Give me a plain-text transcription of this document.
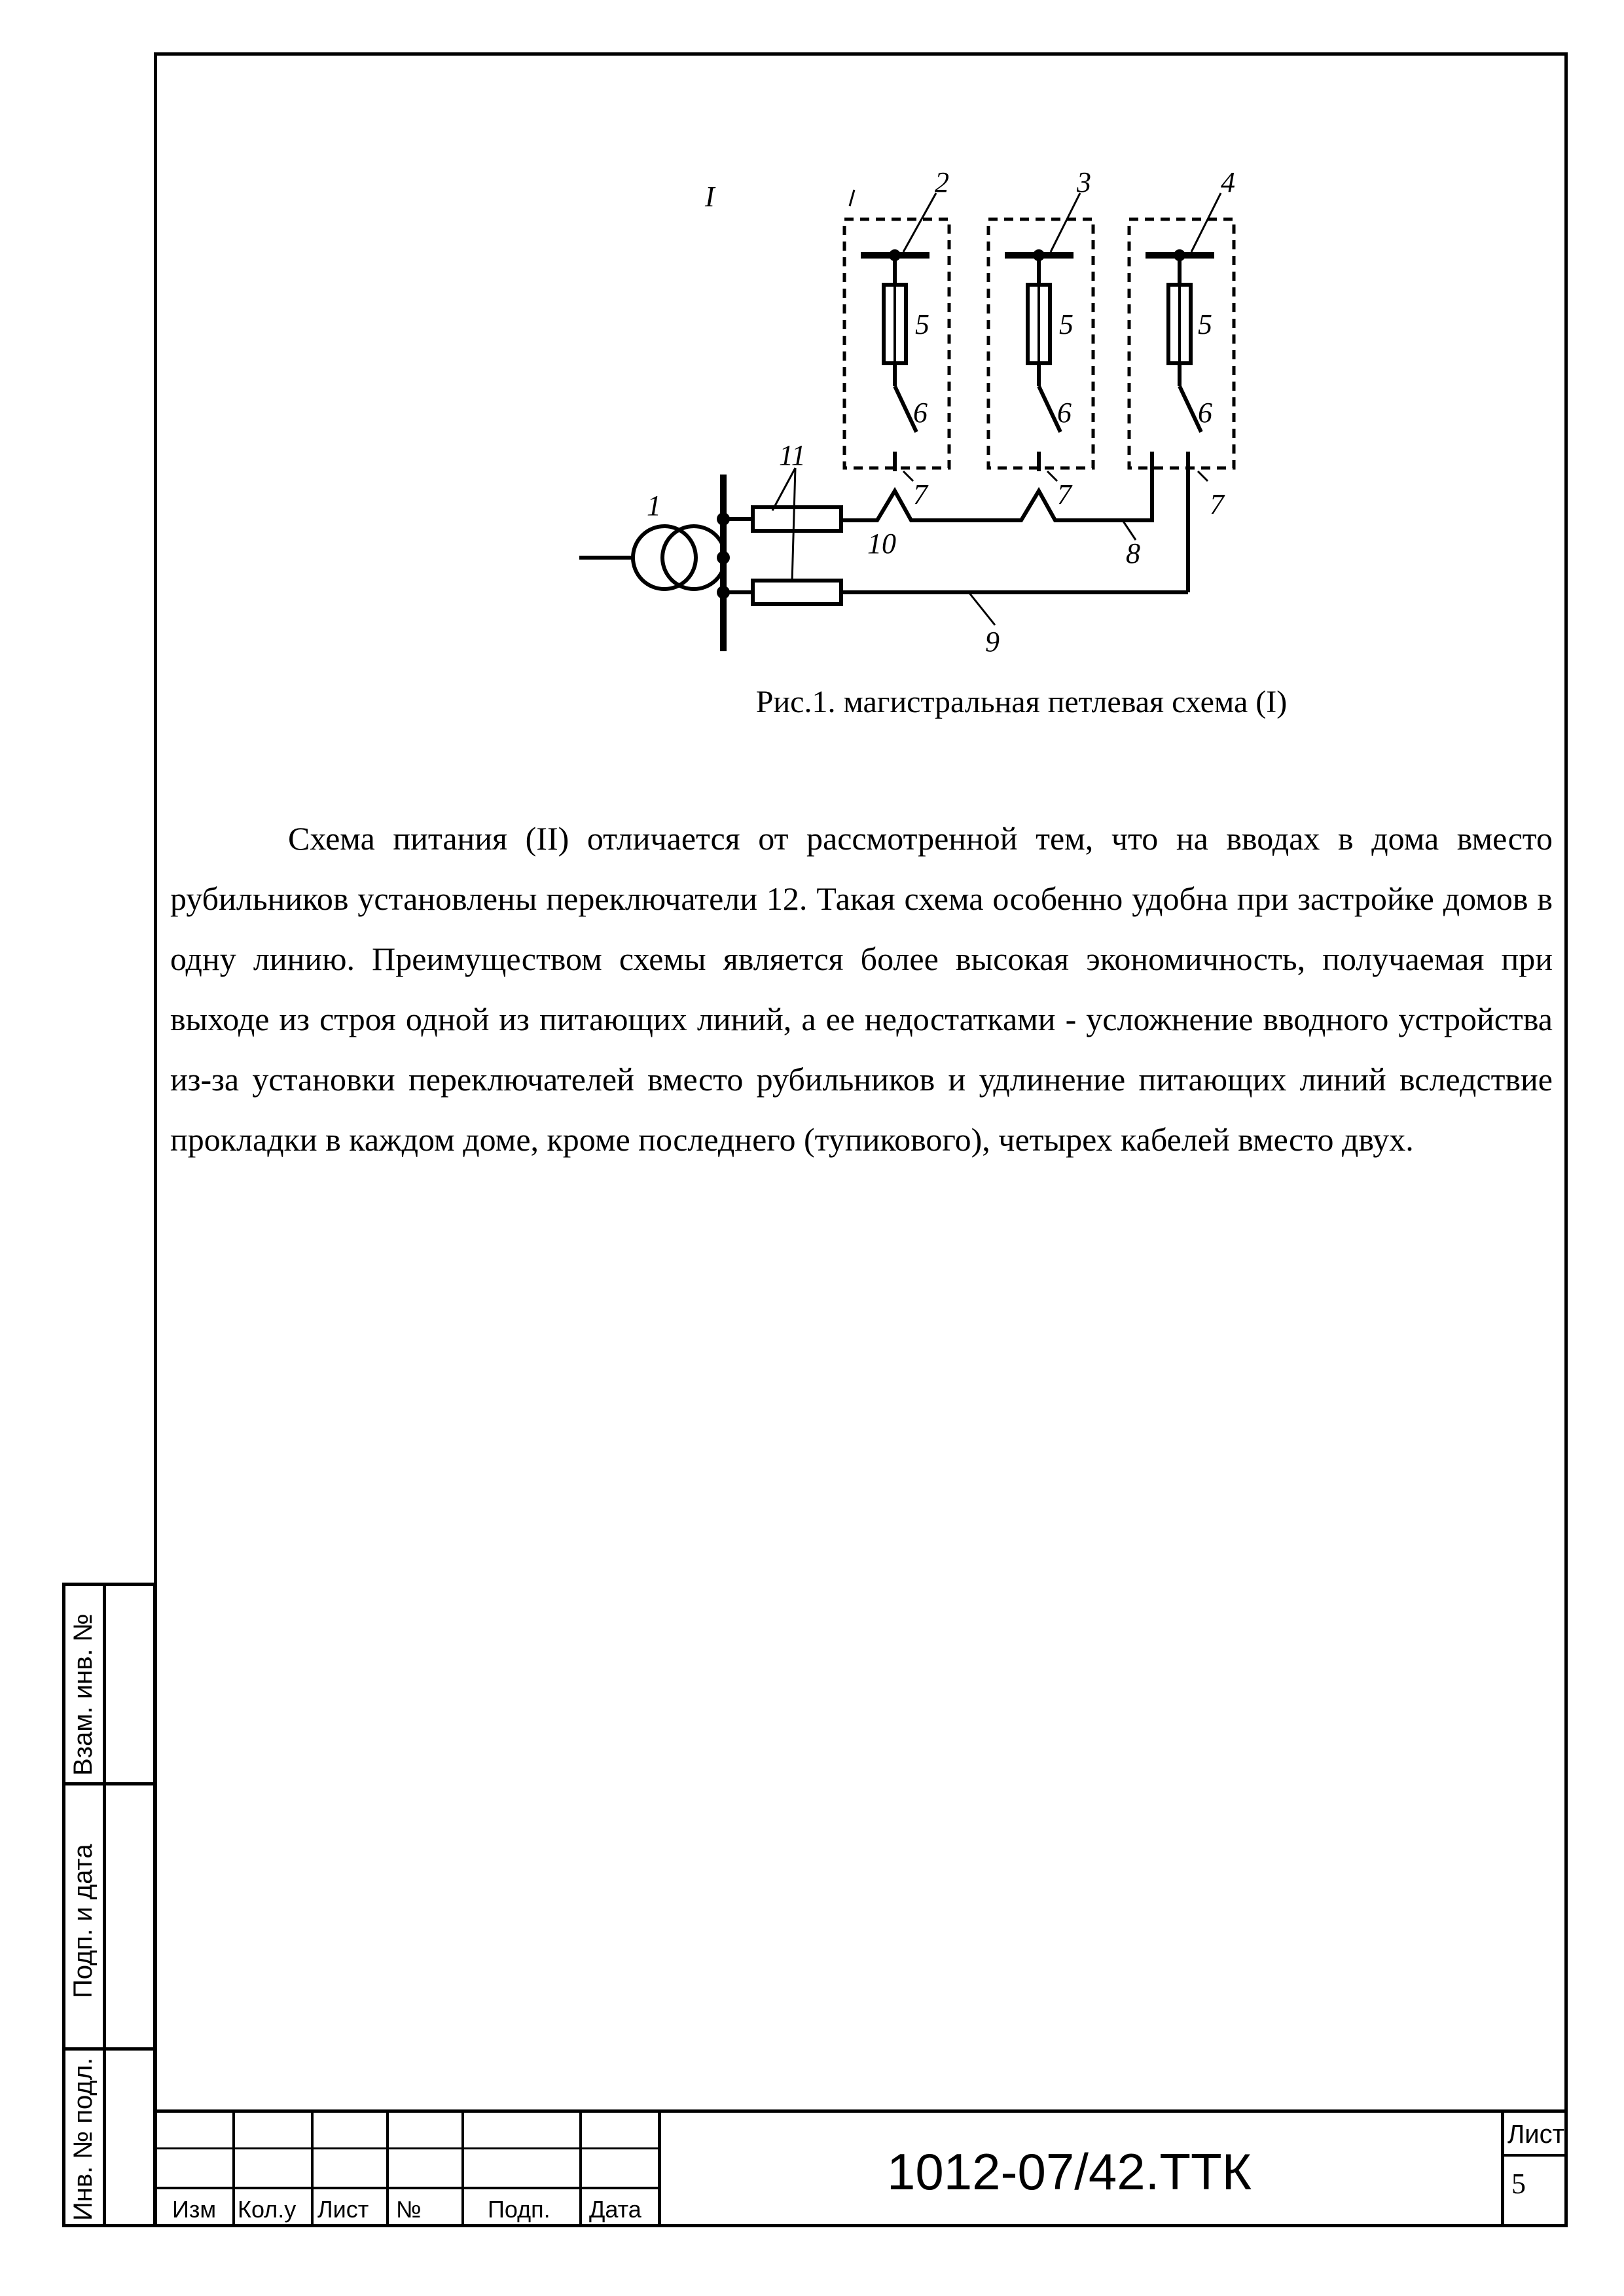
I	2	3	4
5	5	5
6	6	6
7	7	7
8
9
10
11
1
Рис.1. магистральная петлевая схема (I)
Схема питания (II) отличается от рассмотренной тем, что на вводах в дома вместо рубильников установлены переключатели 12. Такая схема особенно удобна при застройке домов в одну линию. Преимуществом схемы является более высокая экономичность, получаемая при выходе из строя одной из питающих линий, а ее недостатками - усложнение вводного устройства из-за установки переключателей вместо рубильников и удлинение питающих линий вследствие прокладки в каждом доме, кроме последнего (тупикового), четырех кабелей вместо двух.
Взам. инв. №
Подп. и дата
Инв. № подл.	Изм Кол.у Лист №	Подп. Дата
1012-07/42.ТТК
Лист
5
